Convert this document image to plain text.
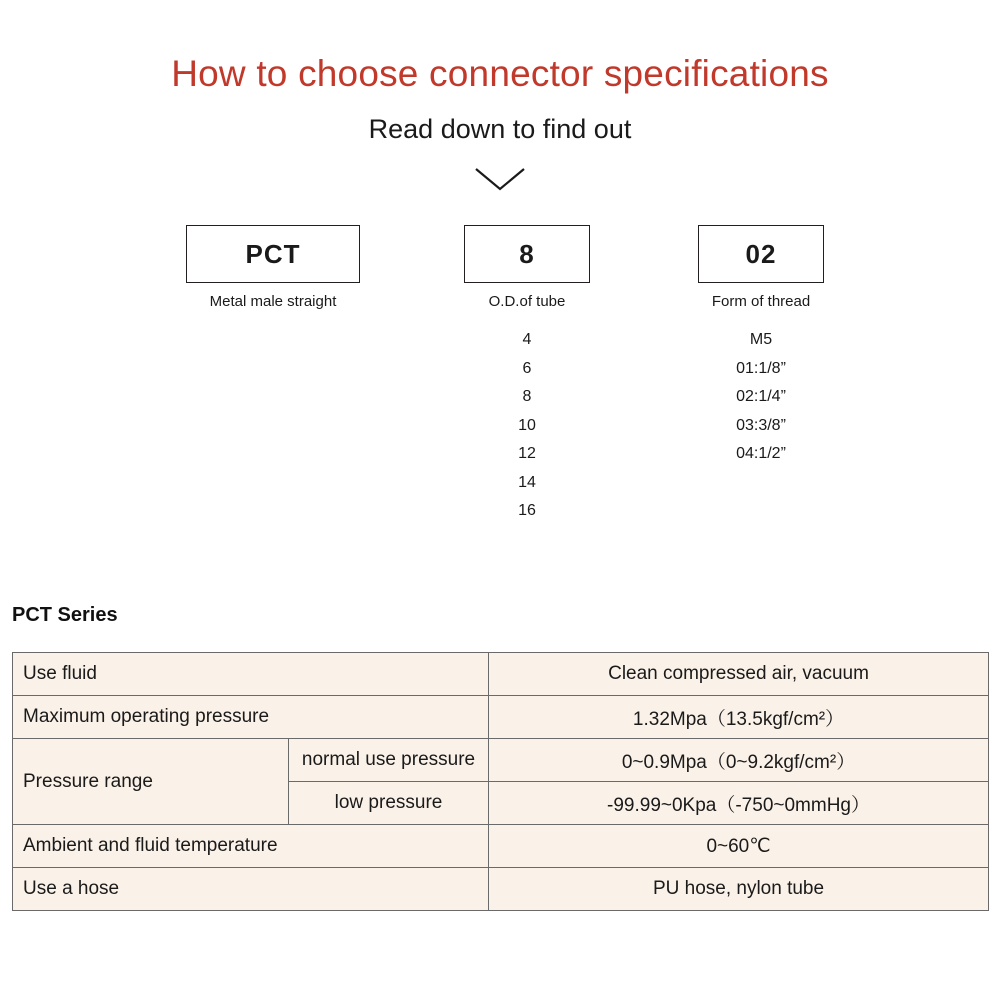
How to choose connector specifications
Read down to find out
PCT
Metal male straight
8
O.D.of tube
4
6
8
10
12
14
16
02
Form of thread
M5
01:1/8”
02:1/4”
03:3/8”
04:1/2”
PCT Series
Use fluid		Clean compressed air, vacuum
Maximum operating pressure		1.32Mpa（13.5kgf/cm²）
Pressure range	normal use pressure	0~0.9Mpa（0~9.2kgf/cm²）
	low pressure	-99.99~0Kpa（-750~0mmHg）
Ambient and fluid temperature		0~60℃
Use a hose		PU hose, nylon tube
